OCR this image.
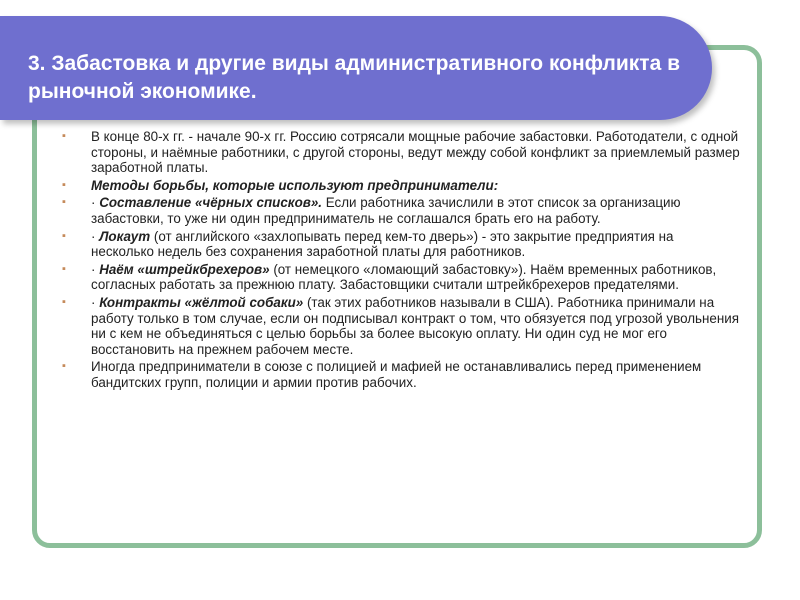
3. Забастовка и другие виды административного конфликта в рыночной экономике.
▪ В конце 80-х гг. - начале 90-х гг. Россию сотрясали мощные рабочие забастовки. Работодатели, с одной стороны, и наёмные работники, с другой стороны, ведут между собой конфликт за приемлемый размер заработной платы.
▪ Методы борьбы, которые используют предприниматели:
▪ · Составление «чёрных списков». Если работника зачислили в этот список за организацию забастовки, то уже ни один предприниматель не соглашался брать его на работу.
▪ · Локаут (от английского «захлопывать перед кем-то дверь») - это закрытие предприятия на несколько недель без сохранения заработной платы для работников.
▪ · Наём «штрейкбрехеров» (от немецкого «ломающий забастовку»). Наём временных работников, согласных работать за прежнюю плату. Забастовщики считали штрейкбрехеров предателями.
▪ · Контракты «жёлтой собаки» (так этих работников называли в США). Работника принимали на работу только в том случае, если он подписывал контракт о том, что обязуется под угрозой увольнения ни с кем не объединяться с целью борьбы за более высокую оплату. Ни один суд не мог его восстановить на прежнем рабочем месте.
▪ Иногда предприниматели в союзе с полицией и мафией не останавливались перед применением бандитских групп, полиции и армии против рабочих.
